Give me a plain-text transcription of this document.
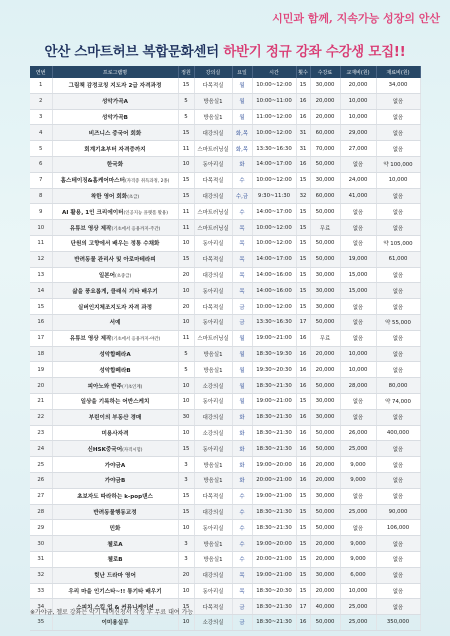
시민과 함께, 지속가능 성장의 안산
안산 스마트허브 복합문화센터 하반기 정규 강좌 수강생 모집!!
연번	프로그램명	정원	강의실	요일	시간	횟수	수강료	교재비(원)	재료비(원)
1	그림책 감정코칭 지도자 2급 자격과정	15	다목적실	월	10:00~12:00	15	30,000	20,000	34,000
2	성악가곡A	5	방음실1	월	10:00~11:00	16	20,000	10,000	없음
3	성악가곡B	5	방음실1	월	11:00~12:00	16	20,000	10,000	없음
4	비즈니스 중국어 회화	15	대강의실	화,목	10:00~12:00	31	60,000	29,000	없음
5	회계기초부터 자격증까지	11	스마트러닝실	화,목	13:30~16:30	31	70,000	27,000	없음
6	한국화	10	동아리실	화	14:00~17:00	16	50,000	없음	약 100,000
7	홈스테이징&홈케어마스터(자격증 취득과정, 2종)	15	다목적실	수	10:00~12:00	15	30,000	24,000	10,000
8	착한 영어 회화(초급)	15	대강의실	수,금	9:30~11:30	32	60,000	41,000	없음
9	AI 활용, 1인 크리에이터(인공지능 플랫폼 활용)	11	스마트러닝실	수	14:00~17:00	15	50,000	없음	없음
10	유튜브 영상 제작(기초에서 응용까지-주간)	11	스마트러닝실	목	10:00~12:00	15	무료	없음	없음
11	단원의 고향에서 배우는 정통 수채화	10	동아리실	목	10:00~12:00	15	50,000	없음	약 105,000
12	반려동물 관리사 및 아로마테라피	15	다목적실	목	14:00~17:00	15	50,000	19,000	61,000
13	일본어(초중급)	20	대강의실	목	14:00~16:00	15	30,000	15,000	없음
14	삶을 풍요롭게, 클래식 기타 배우기	10	동아리실	목	14:00~16:00	15	30,000	15,000	없음
15	실버인지체조지도자 자격 과정	20	다목적실	금	10:00~12:00	15	30,000	없음	없음
16	서예	10	동아리실	금	13:30~16:30	17	50,000	없음	약 55,000
17	유튜브 영상 제작(기초에서 응용까지-야간)	11	스마트러닝실	월	19:00~21:00	16	무료	없음	없음
18	성악합페라A	5	방음실1	월	18:30~19:30	16	20,000	10,000	없음
19	성악합페라B	5	방음실1	월	19:30~20:30	16	20,000	10,000	없음
20	피아노와 반주(기초인계)	10	소강의실	월	18:30~21:30	16	50,000	28,000	80,000
21	일상을 기록하는 어반스케치	10	동아리실	월	19:00~21:00	15	30,000	없음	약 74,000
22	부린이의 부동산 경매	30	대강의실	화	18:30~21:30	16	30,000	없음	없음
23	미용사자격	10	소강의실	화	18:30~21:30	16	50,000	26,000	400,000
24	신HSK중국어(자격시험)	15	동아리실	화	18:30~21:30	16	50,000	25,000	없음
25	가야금A	3	방음실1	화	19:00~20:00	16	20,000	9,000	없음
26	가야금B	3	방음실1	화	20:00~21:00	16	20,000	9,000	없음
27	초보자도 따라하는 k-pop댄스	15	다목적실	수	19:00~21:00	15	30,000	없음	없음
28	반려동물행동교정	15	대강의실	수	18:30~21:30	15	50,000	25,000	90,000
29	민화	10	동아리실	수	18:30~21:30	15	50,000	없음	106,000
30	첼로A	3	방음실1	수	19:00~20:00	15	20,000	9,000	없음
31	첼로B	3	방음실1	수	20:00~21:00	15	20,000	9,000	없음
32	힛난 드라마 영어	20	대강의실	목	19:00~21:00	15	30,000	6,000	없음
33	우리 마을 인기스타~!! 통기타 배우기	10	동아리실	목	18:30~20:30	15	20,000	10,000	없음
34	스피치 스킬 업 & 커뮤니케이션	15	다목적실	금	18:30~21:30	17	40,000	25,000	없음
35	이미용실무	10	소강의실	금	18:30~21:30	16	50,000	25,000	350,000
※가야금, 첼로 강좌는 악기 대여신청서 작성 후 무료 대여 가능
